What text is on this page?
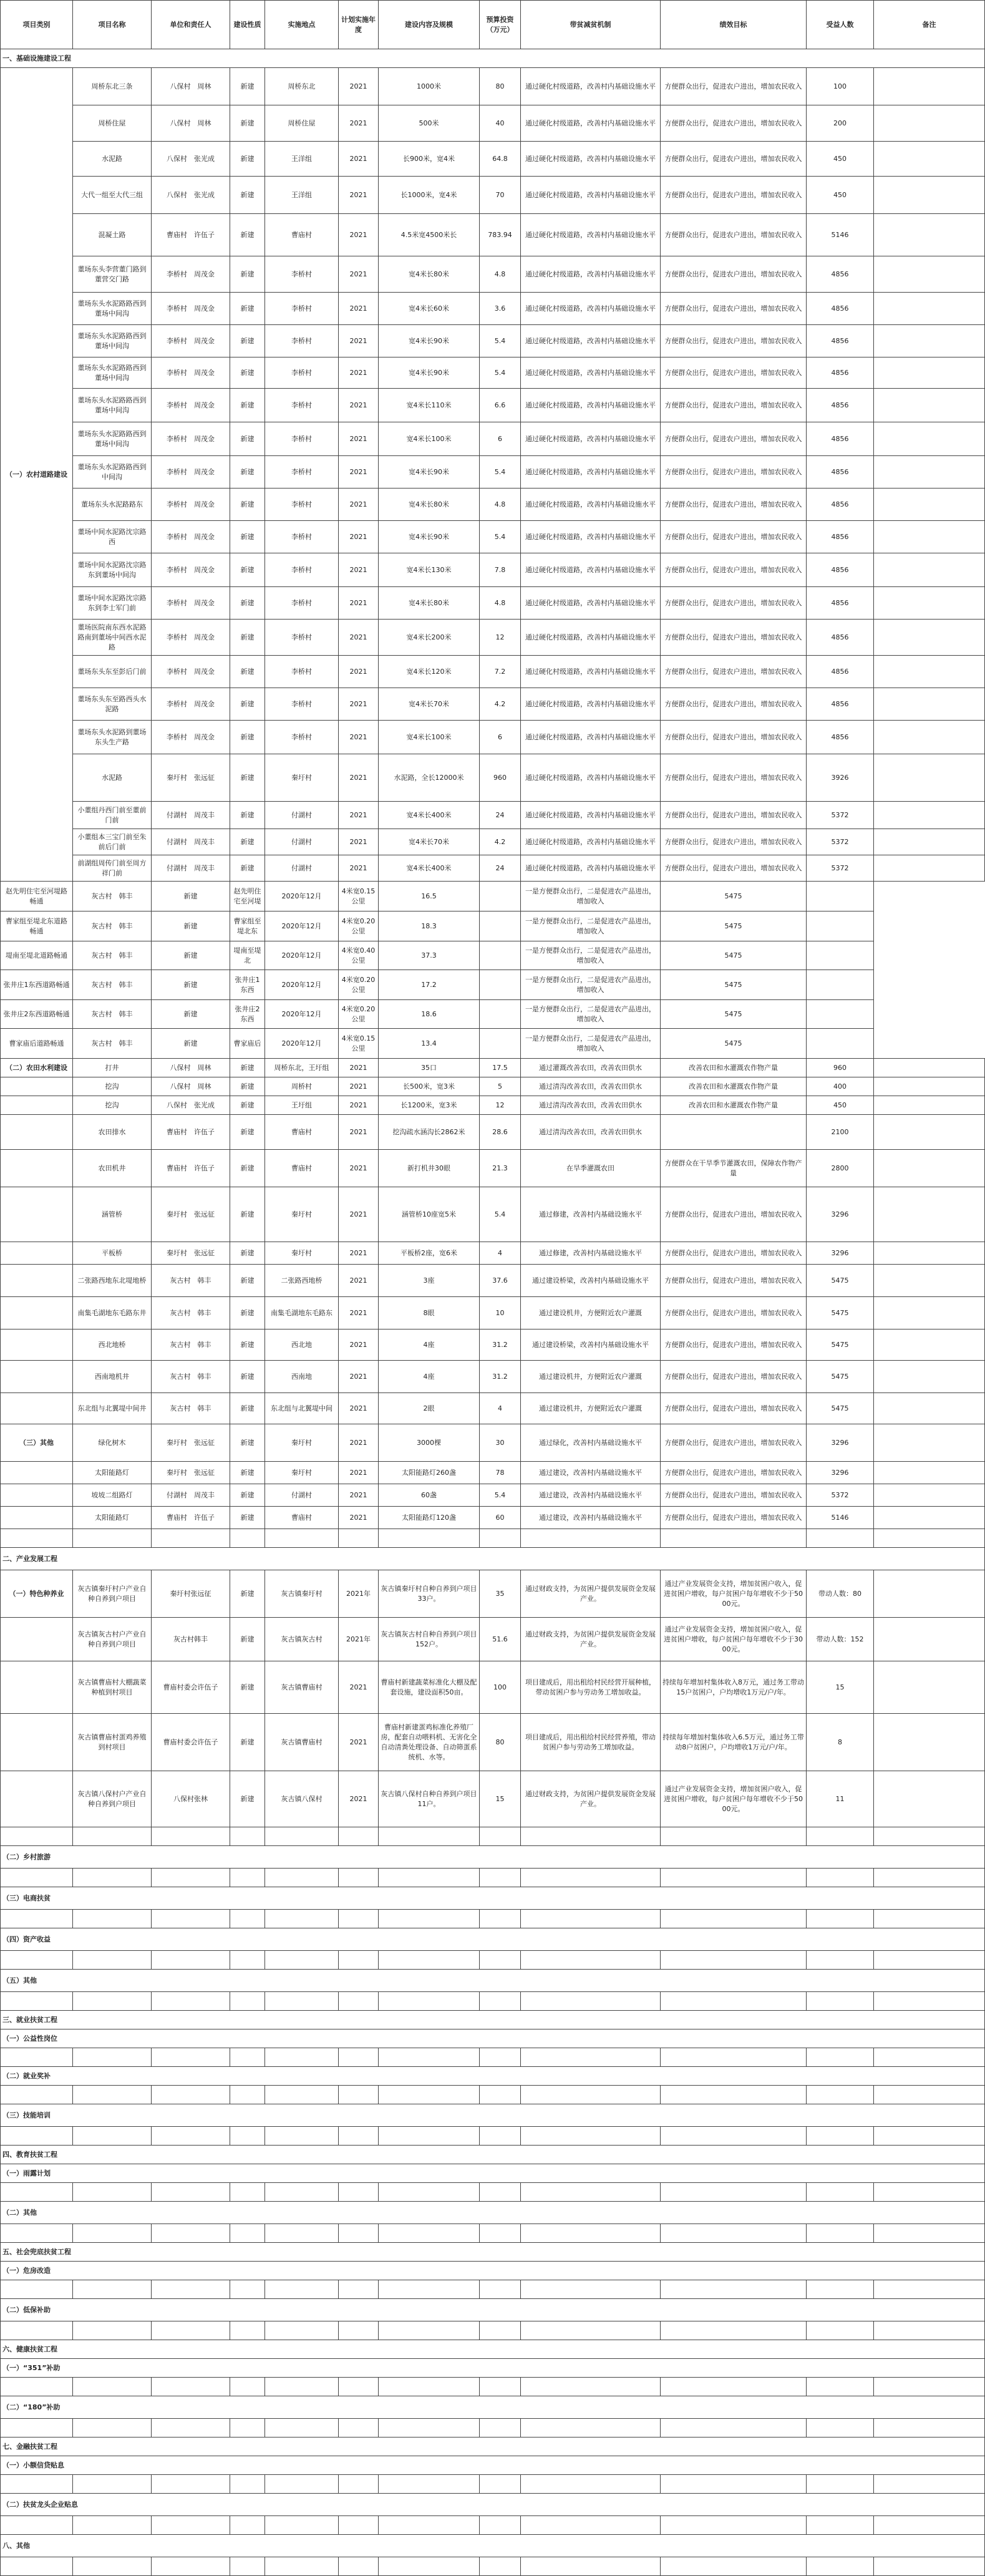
项目类别	项目名称	单位和责任人	建设性质	实施地点	计划实施年度	建设内容及规模	预算投资（万元）	带贫减贫机制	绩效目标	受益人数	备注
一、基础设施建设工程											
（一）农村道路建设	周桥东北三条	八保村　周林	新建	周桥东北	2021	1000米	80	通过硬化村级道路，改善村内基础设施水平	方便群众出行，促进农户进出，增加农民收入	100	
	周桥住屋	八保村　周林	新建	周桥住屋	2021	500米	40	通过硬化村级道路，改善村内基础设施水平	方便群众出行，促进农户进出，增加农民收入	200	
	水泥路	八保村　张光成	新建	王洋组	2021	长900米，宽4米	64.8	通过硬化村级道路，改善村内基础设施水平	方便群众出行，促进农户进出，增加农民收入	450	
	大代一组至大代三组	八保村　张光成	新建	王洋组	2021	长1000米，宽4米	70	通过硬化村级道路，改善村内基础设施水平	方便群众出行，促进农户进出，增加农民收入	450	
	混凝土路	曹庙村　许伍子	新建	曹庙村	2021	4.5米宽4500米长	783.94	通过硬化村级道路，改善村内基础设施水平	方便群众出行，促进农户进出，增加农民收入	5146	
	董场东头李营董门路到董营交门路	李桥村　周茂金	新建	李桥村	2021	宽4米长80米	4.8	通过硬化村级道路，改善村内基础设施水平	方便群众出行，促进农户进出，增加农民收入	4856	
	董场东头水泥路路西到董场中间沟	李桥村　周茂金	新建	李桥村	2021	宽4米长60米	3.6	通过硬化村级道路，改善村内基础设施水平	方便群众出行，促进农户进出，增加农民收入	4856	
	董场东头水泥路路西到董场中间沟	李桥村　周茂金	新建	李桥村	2021	宽4米长90米	5.4	通过硬化村级道路，改善村内基础设施水平	方便群众出行，促进农户进出，增加农民收入	4856	
	董场东头水泥路路西到董场中间沟	李桥村　周茂金	新建	李桥村	2021	宽4米长90米	5.4	通过硬化村级道路，改善村内基础设施水平	方便群众出行，促进农户进出，增加农民收入	4856	
	董场东头水泥路路西到董场中间沟	李桥村　周茂金	新建	李桥村	2021	宽4米长110米	6.6	通过硬化村级道路，改善村内基础设施水平	方便群众出行，促进农户进出，增加农民收入	4856	
	董场东头水泥路路西到董场中间沟	李桥村　周茂金	新建	李桥村	2021	宽4米长100米	6	通过硬化村级道路，改善村内基础设施水平	方便群众出行，促进农户进出，增加农民收入	4856	
	董场东头水泥路路西到中间沟	李桥村　周茂金	新建	李桥村	2021	宽4米长90米	5.4	通过硬化村级道路，改善村内基础设施水平	方便群众出行，促进农户进出，增加农民收入	4856	
	董场东头水泥路路东	李桥村　周茂金	新建	李桥村	2021	宽4米长80米	4.8	通过硬化村级道路，改善村内基础设施水平	方便群众出行，促进农户进出，增加农民收入	4856	
	董场中间水泥路沈宗路西	李桥村　周茂金	新建	李桥村	2021	宽4米长90米	5.4	通过硬化村级道路，改善村内基础设施水平	方便群众出行，促进农户进出，增加农民收入	4856	
	董场中间水泥路沈宗路东到董场中间沟	李桥村　周茂金	新建	李桥村	2021	宽4米长130米	7.8	通过硬化村级道路，改善村内基础设施水平	方便群众出行，促进农户进出，增加农民收入	4856	
	董场中间水泥路沈宗路东到李士军门前	李桥村　周茂金	新建	李桥村	2021	宽4米长80米	4.8	通过硬化村级道路，改善村内基础设施水平	方便群众出行，促进农户进出，增加农民收入	4856	
	董场医院南东西水泥路路南到董场中间西水泥路	李桥村　周茂金	新建	李桥村	2021	宽4米长200米	12	通过硬化村级道路，改善村内基础设施水平	方便群众出行，促进农户进出，增加农民收入	4856	
	董场东头东至彭后门前	李桥村　周茂金	新建	李桥村	2021	宽4米长120米	7.2	通过硬化村级道路，改善村内基础设施水平	方便群众出行，促进农户进出，增加农民收入	4856	
	董场东头东至路西头水泥路	李桥村　周茂金	新建	李桥村	2021	宽4米长70米	4.2	通过硬化村级道路，改善村内基础设施水平	方便群众出行，促进农户进出，增加农民收入	4856	
	董场东头水泥路到董场东头生产路	李桥村　周茂金	新建	李桥村	2021	宽4米长100米	6	通过硬化村级道路，改善村内基础设施水平	方便群众出行，促进农户进出，增加农民收入	4856	
	水泥路	秦圩村　张远征	新建	秦圩村	2021	水泥路，全长12000米	960	通过硬化村级道路，改善村内基础设施水平	方便群众出行，促进农户进出，增加农民收入	3926	
	小董组丹西门前至董前门前	付湖村　周茂丰	新建	付湖村	2021	宽4米长400米	24	通过硬化村级道路，改善村内基础设施水平	方便群众出行，促进农户进出，增加农民收入	5372	
	小董组本三宝门前至朱前后门前	付湖村　周茂丰	新建	付湖村	2021	宽4米长70米	4.2	通过硬化村级道路，改善村内基础设施水平	方便群众出行，促进农户进出，增加农民收入	5372	
	前湖组周传门前至周方祥门前	付湖村　周茂丰	新建	付湖村	2021	宽4米长400米	24	通过硬化村级道路，改善村内基础设施水平	方便群众出行，促进农户进出，增加农民收入	5372	
赵先明住宅至河堤路畅通	灰古村　韩丰	新建	赵先明住宅至河堤	2020年12月	4米宽0.15公里	16.5		一是方便群众出行，二是促进农产品进出，增加收入	5475		
曹家组至堤北东道路畅通	灰古村　韩丰	新建	曹家组至堤北东	2020年12月	4米宽0.20公里	18.3		一是方便群众出行，二是促进农产品进出，增加收入	5475		
堤南至堤北道路畅通	灰古村　韩丰	新建	堤南至堤北	2020年12月	4米宽0.40公里	37.3		一是方便群众出行，二是促进农产品进出，增加收入	5475		
张井庄1东西道路畅通	灰古村　韩丰	新建	张井庄1东西	2020年12月	4米宽0.20公里	17.2		一是方便群众出行，二是促进农产品进出，增加收入	5475		
张井庄2东西道路畅通	灰古村　韩丰	新建	张井庄2东西	2020年12月	4米宽0.20公里	18.6		一是方便群众出行，二是促进农产品进出，增加收入	5475		
曹家庙后道路畅通	灰古村　韩丰	新建	曹家庙后	2020年12月	4米宽0.15公里	13.4		一是方便群众出行，二是促进农产品进出，增加收入	5475		
（二）农田水利建设	打井	八保村　周林	新建	周桥东北，王圩组	2021	35口	17.5	通过灌溉改善农田，改善农田供水	改善农田和水灌溉农作物产量	960	
	挖沟	八保村　周林	新建	周桥村	2021	长500米，宽3米	5	通过清沟改善农田，改善农田供水	改善农田和水灌溉农作物产量	400	
	挖沟	八保村　张光成	新建	王圩组	2021	长1200米，宽3米	12	通过清沟改善农田，改善农田供水	改善农田和水灌溉农作物产量	450	
	农田排水	曹庙村　许伍子	新建	曹庙村	2021	挖沟疏水涵沟长2862米	28.6	通过清沟改善农田，改善农田供水		2100	
	农田机井	曹庙村　许伍子	新建	曹庙村	2021	新打机井30眼	21.3	在旱季灌溉农田	方便群众在干旱季节灌溉农田，保障农作物产量	2800	
	涵管桥	秦圩村　张远征	新建	秦圩村	2021	涵管桥10座宽5米	5.4	通过修建，改善村内基础设施水平	方便群众出行，促进农户进出，增加农民收入	3296	
	平板桥	秦圩村　张远征	新建	秦圩村	2021	平板桥2座，宽6米	4	通过修建，改善村内基础设施水平	方便群众出行，促进农户进出，增加农民收入	3296	
	二张路西地东北堤地桥	灰古村　韩丰	新建	二张路西地桥	2021	3座	37.6	通过建设桥梁，改善村内基础设施水平	方便群众出行，促进农户进出，增加农民收入	5475	
	南集毛湖地东毛路东井	灰古村　韩丰	新建	南集毛湖地东毛路东	2021	8眼	10	通过建设机井，方便附近农户灌溉	方便群众出行，促进农户进出，增加农民收入	5475	
	西北地桥	灰古村　韩丰	新建	西北地	2021	4座	31.2	通过建设桥梁，改善村内基础设施水平	方便群众出行，促进农户进出，增加农民收入	5475	
	西南地机井	灰古村　韩丰	新建	西南地	2021	4座	31.2	通过建设机井，方便附近农户灌溉	方便群众出行，促进农户进出，增加农民收入	5475	
	东北组与北翼堤中间井	灰古村　韩丰	新建	东北组与北翼堤中间	2021	2眼	4	通过建设机井，方便附近农户灌溉	方便群众出行，促进农户进出，增加农民收入	5475	
（三）其他	绿化树木	秦圩村　张远征	新建	秦圩村	2021	3000棵	30	通过绿化，改善村内基础设施水平	方便群众出行，促进农户进出，增加农民收入	3296	
	太阳能路灯	秦圩村　张远征	新建	秦圩村	2021	太阳能路灯260盏	78	通过建设，改善村内基础设施水平	方便群众出行，促进农户进出，增加农民收入	3296	
	坡坡二组路灯	付湖村　周茂丰	新建	付湖村	2021	60盏	5.4	通过建设，改善村内基础设施水平	方便群众出行，促进农户进出，增加农民收入	5372	
	太阳能路灯	曹庙村　许伍子	新建	曹庙村	2021	太阳能路灯120盏	60	通过建设，改善村内基础设施水平	方便群众出行，促进农户进出，增加农民收入	5146	

二、产业发展工程											
（一）特色种养业	灰古镇秦圩村户产业自种自养到户项目	秦圩村张远征	新建	灰古镇秦圩村	2021年	灰古镇秦圩村自种自养到户项目33户。	35	通过财政支持，为贫困户提供发展资金发展产业。	通过产业发展资金支持，增加贫困户收入，促进贫困户增收，每户贫困户每年增收不少于5000元。	带动人数：80	
	灰古镇灰古村户产业自种自养到户项目	灰古村韩丰	新建	灰古镇灰古村	2021年	灰古镇灰古村自种自养到户项目152户。	51.6	通过财政支持，为贫困户提供发展资金发展产业。	通过产业发展资金支持，增加贫困户收入，促进贫困户增收，每户贫困户每年增收不少于3000元。	带动人数：152	
	灰古镇曹庙村大棚蔬菜种植到村项目	曹庙村委会许伍子	新建	灰古镇曹庙村	2021	曹庙村新建蔬菜标准化大棚及配套设施，建设面积50亩。	100	项目建成后，用出租给村民经营开展种植，带动贫困户参与劳动务工增加收益。	持续每年增加村集体收入8万元，通过务工带动15户贫困户，户均增收1万元/户/年。	15	
	灰古镇曹庙村蛋鸡养殖到村项目	曹庙村委会许伍子	新建	灰古镇曹庙村	2021	曹庙村新建蛋鸡标准化养殖厂房，配套自动喂料机、无害化全自动清粪处理设备、自动筛蛋系统机、水等。	80	项目建成后，用出租给村民经营养殖，带动贫困户参与劳动务工增加收益。	持续每年增加村集体收入6.5万元，通过务工带动8户贫困户，户均增收1万元/户/年。	8	
	灰古镇八保村户产业自种自养到户项目	八保村张林	新建	灰古镇八保村	2021	灰古镇八保村自种自养到户项目11户。	15	通过财政支持，为贫困户提供发展资金发展产业。	通过产业发展资金支持，增加贫困户收入，促进贫困户增收，每户贫困户每年增收不少于5000元。	11	

（二）乡村旅游											

（三）电商扶贫											

（四）资产收益											

（五）其他											

三、就业扶贫工程											
（一）公益性岗位											

（二）就业奖补											

（三）技能培训											

四、教育扶贫工程											
（一）雨露计划											

（二）其他											

五、社会兜底扶贫工程											
（一）危房改造											

（二）低保补助											

六、健康扶贫工程											
（一）“351”补助											

（二）“180”补助											

七、金融扶贫工程											
（一）小额信贷贴息											

（二）扶贫龙头企业贴息											

八、其他											
